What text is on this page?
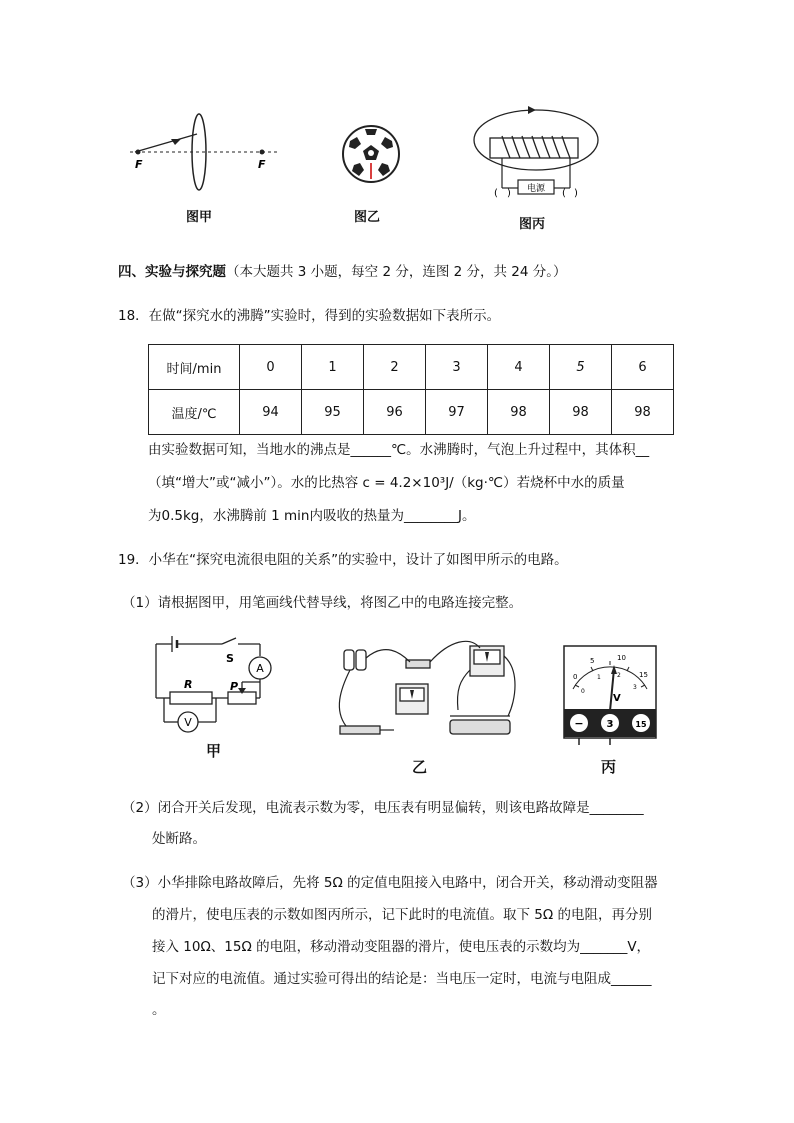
F	F
图甲	图乙
电源
( )	( )
图丙
四、实验与探究题（本大题共 3 小题，每空 2 分，连图 2 分，共 24 分。）
18．在做“探究水的沸腾”实验时，得到的实验数据如下表所示。
时间/min	0	1	2	3	4	5	6
温度/℃	94	95	96	97	98	98	98
由实验数据可知，当地水的沸点是______℃。水沸腾时，气泡上升过程中，其体积__
（填“增大”或“减小”）。水的比热容 c = 4.2×10³J/（kg·℃）若烧杯中水的质量
为0.5kg，水沸腾前 1 min内吸收的热量为________J。
19．小华在“探究电流很电阻的关系”的实验中，设计了如图甲所示的电路。
（1）请根据图甲，用笔画线代替导线，将图乙中的电路连接完整。
S
A
V
R	P
甲
乙
0
5	10
15
0
1	2
3
V
− 3	15
丙
（2）闭合开关后发现，电流表示数为零，电压表有明显偏转，则该电路故障是________
处断路。
（3）小华排除电路故障后，先将 5Ω 的定值电阻接入电路中，闭合开关，移动滑动变阻器
的滑片，使电压表的示数如图丙所示，记下此时的电流值。取下 5Ω 的电阻，再分别
接入 10Ω、15Ω 的电阻，移动滑动变阻器的滑片，使电压表的示数均为_______V，
记下对应的电流值。通过实验可得出的结论是：当电压一定时，电流与电阻成______
。
